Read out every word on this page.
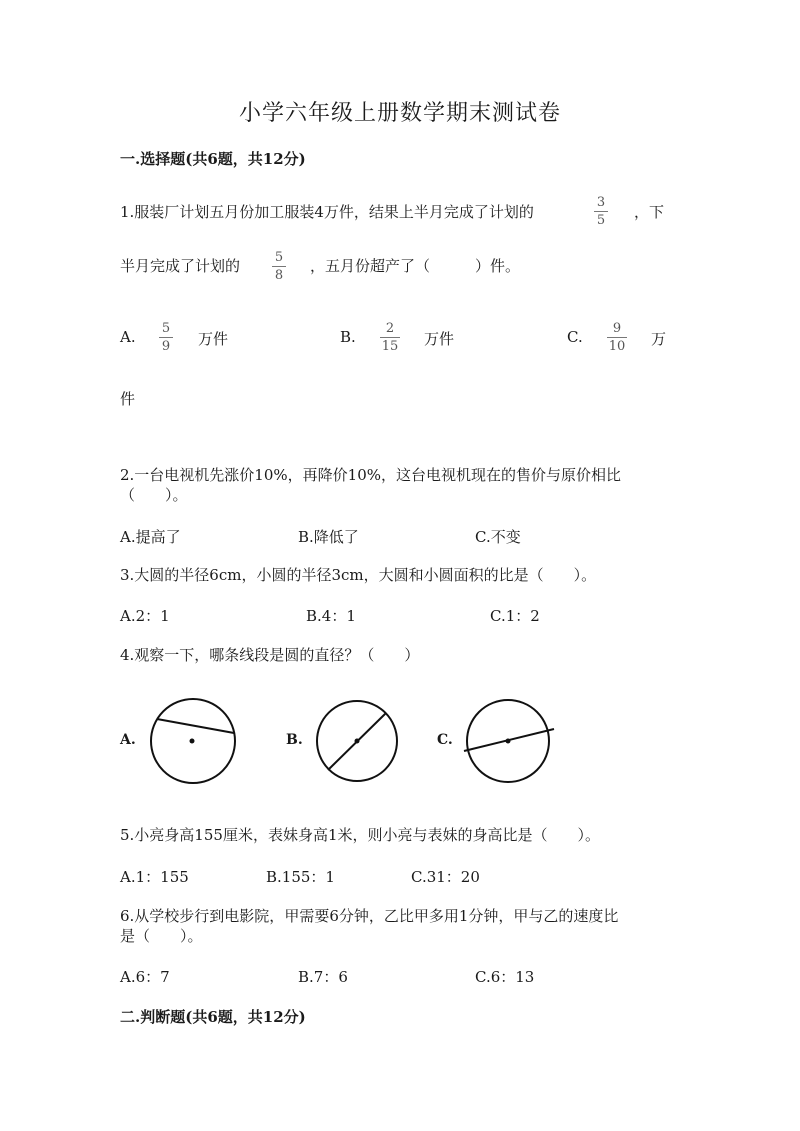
小学六年级上册数学期末测试卷
一.选择题(共6题，共12分)
1.服装厂计划五月份加工服装4万件，结果上半月完成了计划的
3
5 ，下
半月完成了计划的	5
8
，五月份超产了（　　　）件。
A. 5
9 万件	B. 2
15 万件	C. 9
10 万
件
2.一台电视机先涨价10%，再降价10%，这台电视机现在的售价与原价相比
（　　）。
A.提高了	B.降低了	C.不变
3.大圆的半径6cm，小圆的半径3cm，大圆和小圆面积的比是（　　）。
A.2：1	B.4：1	C.1：2
4.观察一下，哪条线段是圆的直径？（　　）
A.	B.	C.
5.小亮身高155厘米，表妹身高1米，则小亮与表妹的身高比是（　　）。
A.1：155	B.155：1	C.31：20
6.从学校步行到电影院，甲需要6分钟，乙比甲多用1分钟，甲与乙的速度比
是（　　）。
A.6：7	B.7：6	C.6：13
二.判断题(共6题，共12分)
